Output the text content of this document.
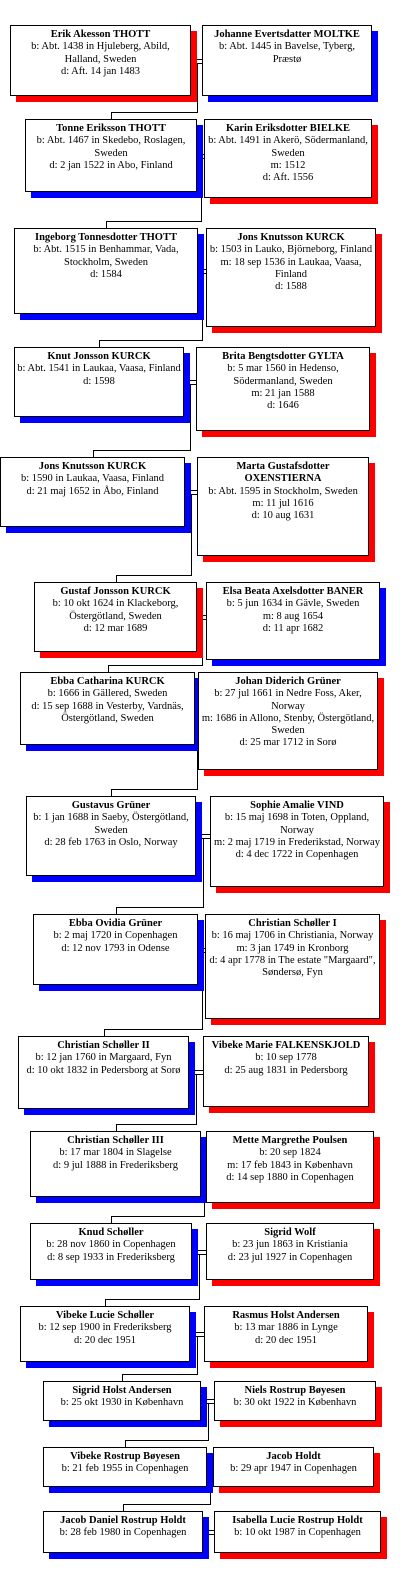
Erik Akesson THOTT
b: Abt. 1438 in Hjuleberg, Abild, Halland, Sweden
d: Aft. 14 jan 1483
Johanne Evertsdatter MOLTKE
b: Abt. 1445 in Bavelse, Tyberg, Præstø
Tonne Eriksson THOTT
b: Abt. 1467 in Skedebo, Roslagen, Sweden
d: 2 jan 1522 in Abo, Finland
Karin Eriksdotter BIELKE
b: Abt. 1491 in Akerö, Södermanland, Sweden
m: 1512
d: Aft. 1556
Ingeborg Tonnesdotter THOTT
b: Abt. 1515 in Benhammar, Vada, Stockholm, Sweden
d: 1584
Jons Knutsson KURCK
b: 1503 in Lauko, Björneborg, Finland
m: 18 sep 1536 in Laukaa, Vaasa, Finland
d: 1588
Knut Jonsson KURCK
b: Abt. 1541 in Laukaa, Vaasa, Finland
d: 1598
Brita Bengtsdotter GYLTA
b: 5 mar 1560 in Hedenso, Södermanland, Sweden
m: 21 jan 1588
d: 1646
Jons Knutsson KURCK
b: 1590 in Laukaa, Vaasa, Finland
d: 21 maj 1652 in Åbo, Finland
Marta Gustafsdotter OXENSTIERNA
b: Abt. 1595 in Stockholm, Sweden
m: 11 jul 1616
d: 10 aug 1631
Gustaf Jonsson KURCK
b: 10 okt 1624 in Klackeborg, Östergötland, Sweden
d: 12 mar 1689
Elsa Beata Axelsdotter BANER
b: 5 jun 1634 in Gävle, Sweden
m: 8 aug 1654
d: 11 apr 1682
Ebba Catharina KURCK
b: 1666 in Gällered, Sweden
d: 15 sep 1688 in Vesterby, Vardnäs, Östergötland, Sweden
Johan Diderich Grüner
b: 27 jul 1661 in Nedre Foss, Aker, Norway
m: 1686 in Allono, Stenby, Östergötland, Sweden
d: 25 mar 1712 in Sorø
Gustavus Grüner
b: 1 jan 1688 in Saeby, Östergötland, Sweden
d: 28 feb 1763 in Oslo, Norway
Sophie Amalie VIND
b: 15 maj 1698 in Toten, Oppland, Norway
m: 2 maj 1719 in Frederikstad, Norway
d: 4 dec 1722 in Copenhagen
Ebba Ovidia Grüner
b: 2 maj 1720 in Copenhagen
d: 12 nov 1793 in Odense
Christian Schøller I
b: 16 maj 1706 in Christiania, Norway
m: 3 jan 1749 in Kronborg
d: 4 apr 1778 in The estate "Margaard", Søndersø, Fyn
Christian Schøller II
b: 12 jan 1760 in Margaard, Fyn
d: 10 okt 1832 in Pedersborg at Sorø
Vibeke Marie FALKENSKJOLD
b: 10 sep 1778
d: 25 aug 1831 in Pedersborg
Christian Schøller III
b: 17 mar 1804 in Slagelse
d: 9 jul 1888 in Frederiksberg
Mette Margrethe Poulsen
b: 20 sep 1824
m: 17 feb 1843 in København
d: 14 sep 1880 in Copenhagen
Knud Schøller
b: 28 nov 1860 in Copenhagen
d: 8 sep 1933 in Frederiksberg
Sigrid Wolf
b: 23 jun 1863 in Kristiania
d: 23 jul 1927 in Copenhagen
Vibeke Lucie Schøller
b: 12 sep 1900 in Frederiksberg
d: 20 dec 1951
Rasmus Holst Andersen
b: 13 mar 1886 in Lynge
d: 20 dec 1951
Sigrid Holst Andersen
b: 25 okt 1930 in København
Niels Rostrup Bøyesen
b: 30 okt 1922 in København
Vibeke Rostrup Bøyesen
b: 21 feb 1955 in Copenhagen
Jacob Holdt
b: 29 apr 1947 in Copenhagen
Jacob Daniel Rostrup Holdt
b: 28 feb 1980 in Copenhagen
Isabella Lucie Rostrup Holdt
b: 10 okt 1987 in Copenhagen
